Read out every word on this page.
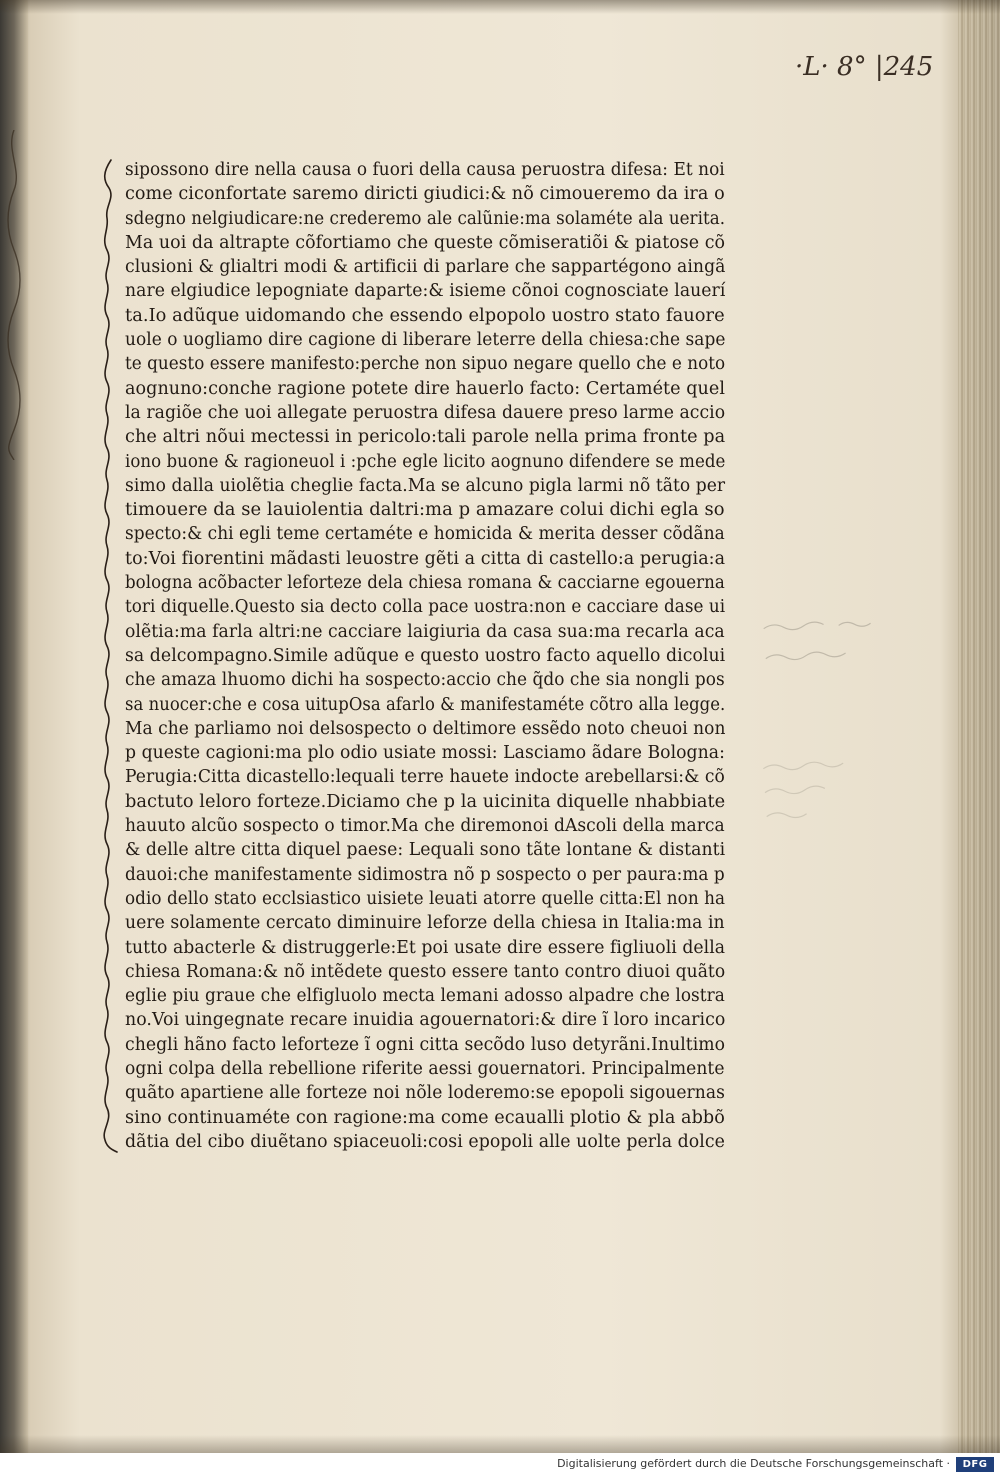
·L· 8° |245
sipossono dire nella causa o fuori della causa peruostra difesa: Et noi
come ciconfortate saremo diricti giudici:& nõ cimoueremo da ira o
sdegno nelgiudicare:ne crederemo ale calũnie:ma solaméte ala uerita.
Ma uoi da altrapte cõfortiamo che queste cõmiseratiõi & piatose cõ
clusioni & glialtri modi & artificii di parlare che sappartégono aingã
nare elgiudice lepogniate daparte:& isieme cõnoi cognosciate lauerí
ta.Io adũque uidomando che essendo elpopolo uostro stato fauore
uole o uogliamo dire cagione di liberare leterre della chiesa:che sape
te questo essere manifesto:perche non sipuo negare quello che e noto
aognuno:conche ragione potete dire hauerlo facto: Certaméte quel
la ragiõe che uoi allegate peruostra difesa dauere preso larme accio
che altri nõui mectessi in pericolo:tali parole nella prima fronte pa
iono buone & ragioneuol i :pche egle licito aognuno difendere se mede
simo dalla uiolẽtia cheglie facta.Ma se alcuno pigla larmi nõ tãto per
timouere da se lauiolentia daltri:ma p amazare colui dichi egla so
specto:& chi egli teme certaméte e homicida & merita desser cõdãna
to:Voi fiorentini mãdasti leuostre gẽti a citta di castello:a perugia:a
bologna acõbacter leforteze dela chiesa romana & cacciarne egouerna
tori diquelle.Questo sia decto colla pace uostra:non e cacciare dase ui
olẽtia:ma farla altri:ne cacciare laigiuria da casa sua:ma recarla aca
sa delcompagno.Simile adũque e questo uostro facto aquello dicolui
che amaza lhuomo dichi ha sospecto:accio che q̃do che sia nongli pos
sa nuocer:che e cosa uitupOsa afarlo & manifestaméte cõtro alla legge.
Ma che parliamo noi delsospecto o deltimore essẽdo noto cheuoi non
p queste cagioni:ma plo odio usiate mossi: Lasciamo ãdare Bologna:
Perugia:Citta dicastello:lequali terre hauete indocte arebellarsi:& cõ
bactuto leloro forteze.Diciamo che p la uicinita diquelle nhabbiate
hauuto alcũo sospecto o timor.Ma che diremonoi dAscoli della marca
& delle altre citta diquel paese: Lequali sono tãte lontane & distanti
dauoi:che manifestamente sidimostra nõ p sospecto o per paura:ma p
odio dello stato ecclsiastico uisiete leuati atorre quelle citta:El non ha
uere solamente cercato diminuire leforze della chiesa in Italia:ma in
tutto abacterle & distruggerle:Et poi usate dire essere figliuoli della
chiesa Romana:& nõ intẽdete questo essere tanto contro diuoi quãto
eglie piu graue che elfigluolo mecta lemani adosso alpadre che lostra
no.Voi uingegnate recare inuidia agouernatori:& dire ĩ loro incarico
chegli hãno facto leforteze ĩ ogni citta secõdo luso detyrãni.Inultimo
ogni colpa della rebellione riferite aessi gouernatori. Principalmente
quãto apartiene alle forteze noi nõle loderemo:se epopoli sigouernas
sino continuaméte con ragione:ma come ecaualli plotio & pla abbõ
dãtia del cibo diuẽtano spiaceuoli:cosi epopoli alle uolte perla dolce
Digitalisierung gefördert durch die Deutsche Forschungsgemeinschaft ·	DFG
